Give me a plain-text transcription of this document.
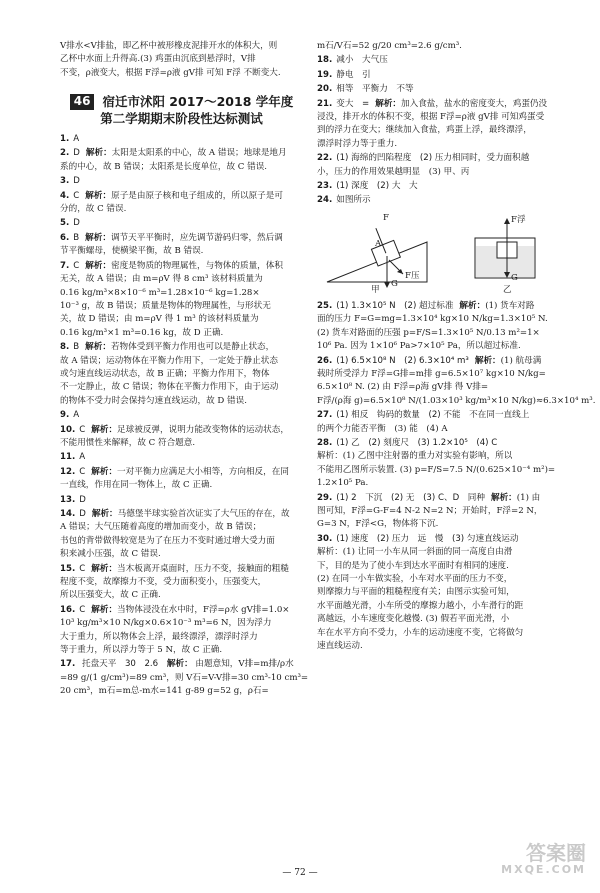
V排水<V排盐，即乙杯中被形橡皮泥排开水的体积大，则
乙杯中水面上升得高.(3) 鸡蛋由沉底到悬浮时，V排
不变，ρ液变大，根据 F浮=ρ液 gV排 可知 F浮 不断变大.
46 宿迁市沭阳 2017～2018 学年度
第二学期期末阶段性达标测试
1. A
2. D 解析：太阳是太阳系的中心，故 A 错误；地球是地月
系的中心，故 B 错误；太阳系是长度单位，故 C 错误.
3. D
4. C 解析：原子是由原子核和电子组成的，所以原子是可
分的，故 C 错误.
5. D
6. B 解析：调节天平平衡时，应先调节游码归零，然后调
节平衡螺母，使横梁平衡，故 B 错误.
7. C 解析：密度是物质的物理属性，与物体的质量，体积
无关，故 A 错误；由 m=ρV 得 8 cm³ 该材料质量为
0.16 kg/m³×8×10⁻⁶ m³=1.28×10⁻⁶ kg=1.28×
10⁻³ g，故 B 错误；质量是物体的物理属性，与形状无
关，故 D 错误；由 m=ρV 得 1 m³ 的该材料质量为
0.16 kg/m³×1 m³=0.16 kg，故 D 正确.
8. B 解析：若物体受到平衡力作用也可以是静止状态，
故 A 错误；运动物体在平衡力作用下，一定处于静止状态
或匀速直线运动状态，故 B 正确；平衡力作用下，物体
不一定静止，故 C 错误；物体在平衡力作用下，由于运动
的物体不受力时会保持匀速直线运动，故 D 错误.
9. A
10. C 解析：足球被反弹，说明力能改变物体的运动状态，
不能用惯性来解释，故 C 符合题意.
11. A
12. C 解析：一对平衡力应满足大小相等，方向相反，在同
一直线，作用在同一物体上，故 C 正确.
13. D
14. D 解析：马德堡半球实验首次证实了大气压的存在，故
A 错误；大气压随着高度的增加而变小，故 B 错误；
书包的背带做得较宽是为了在压力不变时通过增大受力面
积来减小压强，故 C 错误.
15. C 解析：当木板离开桌面时，压力不变，接触面的粗糙
程度不变，故摩擦力不变，受力面积变小，压强变大，
所以压强变大，故 C 正确.
16. C 解析：当物体浸没在水中时，F浮=ρ水 gV排=1.0×
10³ kg/m³×10 N/kg×0.6×10⁻³ m³=6 N，因为浮力
大于重力，所以物体会上浮，最终漂浮，漂浮时浮力
等于重力，所以浮力等于 5 N，故 C 正确.
17. 托盘天平　30　2.6 解析： 由题意知，V排=m排/ρ水
=89 g/(1 g/cm³)=89 cm³，则 V石=V-V排=30 cm³-10 cm³=
20 cm³，m石=m总-m水=141 g-89 g=52 g，ρ石=
m石/V石=52 g/20 cm³=2.6 g/cm³.
18. 减小　大气压
19. 静电　引
20. 相等　平衡力　不等
21. 变大　= 解析：加入食盐，盐水的密度变大，鸡蛋仍没
浸没，排开水的体积不变，根据 F浮=ρ液 gV排 可知鸡蛋受
到的浮力在变大；继续加入食盐，鸡蛋上浮，最终漂浮，
漂浮时浮力等于重力.
22. (1) 海绵的凹陷程度　(2) 压力相同时，受力面积越
小，压力的作用效果越明显　(3) 甲、丙
23. (1) 深度　(2) 大　大
24. 如图所示
A
G
F压
F	F浮
G
甲	乙
25. (1) 1.3×10⁵ N　(2) 超过标准 解析：(1) 货车对路
面的压力 F=G=mg=1.3×10⁴ kg×10 N/kg=1.3×10⁵ N.
(2) 货车对路面的压强 p=F/S=1.3×10⁵ N/0.13 m²=1×
10⁶ Pa. 因为 1×10⁶ Pa>7×10⁵ Pa，所以超过标准.
26. (1) 6.5×10⁸ N　(2) 6.3×10⁴ m³ 解析：(1) 航母满
载时所受浮力 F浮=G排=m排 g=6.5×10⁷ kg×10 N/kg=
6.5×10⁸ N. (2) 由 F浮=ρ海 gV排 得 V排=
F浮/(ρ海 g)=6.5×10⁸ N/(1.03×10³ kg/m³×10 N/kg)≈6.3×10⁴ m³.
27. (1) 相反　钩码的数量　(2) 不能　不在同一直线上
的两个力能否平衡　(3) 能　(4) A
28. (1) 乙　(2) 刻度尺　(3) 1.2×10⁵　(4) C
解析：(1) 乙图中注射器的重力对实验有影响，所以
不能用乙图所示装置. (3) p=F/S=7.5 N/(0.625×10⁻⁴ m²)=
1.2×10⁵ Pa.
29. (1) 2　下沉　(2) 无　(3) C、D　同种 解析：(1) 由
图可知，F浮=G-F=4 N-2 N=2 N；开始时，F浮=2 N，
G=3 N，F浮<G，物体将下沉.
30. (1) 速度　(2) 压力　远　慢　(3) 匀速直线运动
解析：(1) 让同一小车从同一斜面的同一高度自由滑
下，目的是为了使小车到达水平面时有相同的速度.
(2) 在同一小车做实验，小车对水平面的压力不变，
则摩擦力与平面的粗糙程度有关；由图示实验可知，
水平面越光滑，小车所受的摩擦力越小，小车滑行的距
离越远，小车速度变化越慢. (3) 假若平面光滑，小
车在水平方向不受力，小车的运动速度不变，它将做匀
速直线运动.
— 72 —
答案圈
MXQE.COM
